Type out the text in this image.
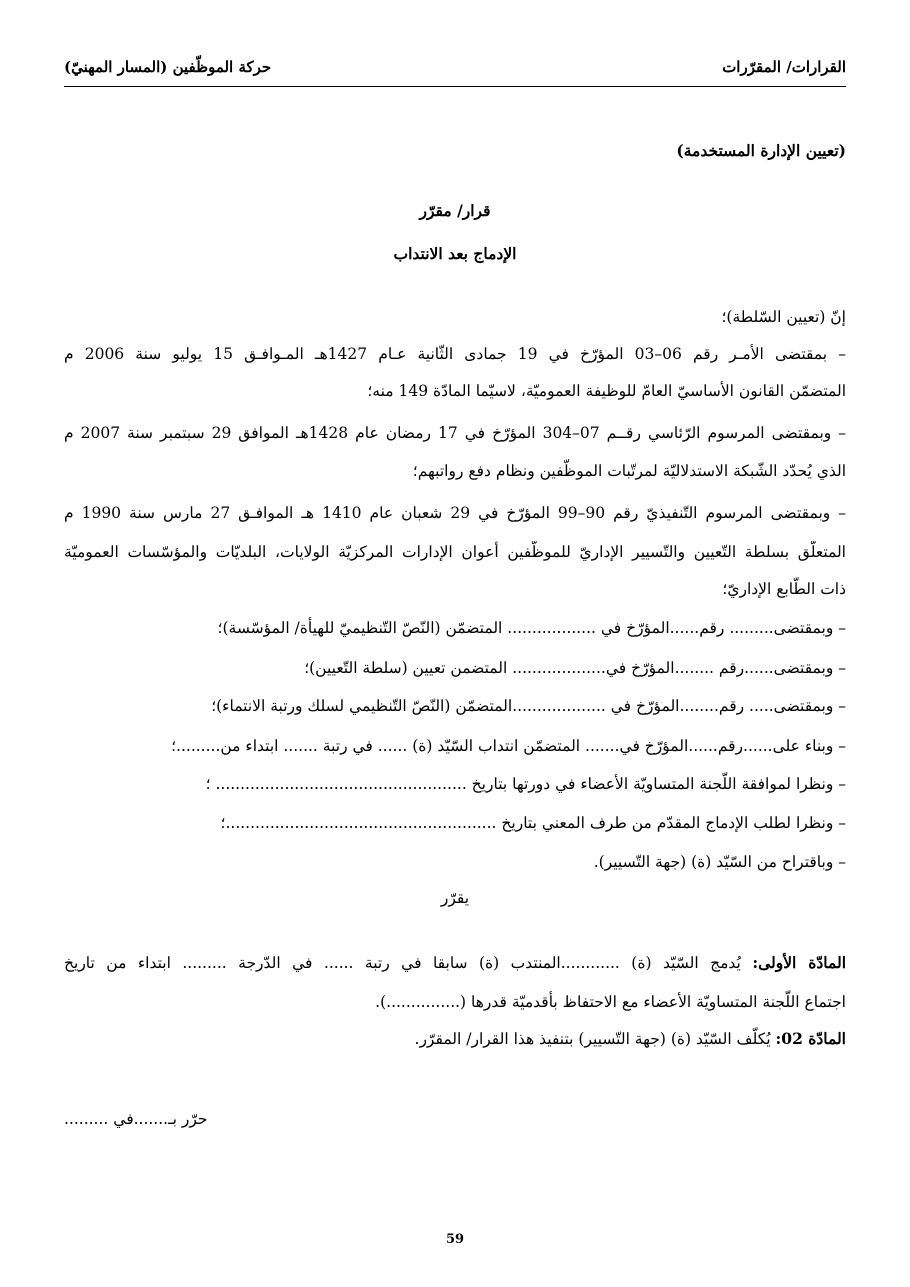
القرارات/ المقرّرات
حركة الموظّفين (المسار المهنيّ)
(تعيين الإدارة المستخدمة)
قرار/ مقرّر
الإدماج بعد الانتداب
إنّ (تعيين السّلطة)؛
– بمقتضى الأمـر رقم 06–03 المؤرّخ في 19 جمادى الثّانية عـام 1427هـ المـوافـق 15 يوليو سنة 2006 م
المتضمّن القانون الأساسيّ العامّ للوظيفة العموميّة، لاسيّما المادّة 149 منه؛
– وبمقتضى المرسوم الرّئاسي رقــم 07–304 المؤرّخ في 17 رمضان عام 1428هـ الموافق 29 سبتمبر سنة 2007 م
الذي يُحدّد الشّبكة الاستدلاليّة لمرتّبات الموظّفين ونظام دفع رواتبهم؛
– وبمقتضى المرسوم التّنفيذيّ رقم 90–99 المؤرّخ في 29 شعبان عام 1410 هـ الموافـق 27 مارس سنة 1990 م
المتعلّق بسلطة التّعيين والتّسيير الإداريّ للموظّفين أعوان الإدارات المركزيّة الولايات، البلديّات والمؤسّسات العموميّة
ذات الطّابع الإداريّ؛
– وبمقتضى......... رقم......المؤرّخ في .................. المتضمّن (النّصّ التّنظيميّ للهيأة/ المؤسّسة)؛
– وبمقتضى......رقم ........المؤرّخ في................... المتضمن تعيين (سلطة التّعيين)؛
– وبمقتضى..... رقم........المؤرّخ في ...................المتضمّن (النّصّ التّنظيمي لسلك ورتبة الانتماء)؛
– وبناء على......رقم......المؤرّخ في....... المتضمّن انتداب السّيّد (ة) ...... في رتبة ....... ابتداء من.........؛
– ونظرا لموافقة اللّجنة المتساويّة الأعضاء في دورتها بتاريخ ................................................... ؛
– ونظرا لطلب الإدماج المقدّم من طرف المعني بتاريخ .......................................................؛
– وباقتراح من السّيّد (ة) (جهة التّسيير).
يقرّر
المادّة الأولى: يُدمج السّيّد (ة) ............المنتدب (ة) سابقا في رتبة ...... في الدّرجة ......... ابتداء من تاريخ
اجتماع اللّجنة المتساويّة الأعضاء مع الاحتفاظ بأقدميّة قدرها (...............).
المادّة 02: يُكلّف السّيّد (ة) (جهة التّسيير) بتنفيذ هذا القرار/ المقرّر.
حرّر بـ.......في .........
59
